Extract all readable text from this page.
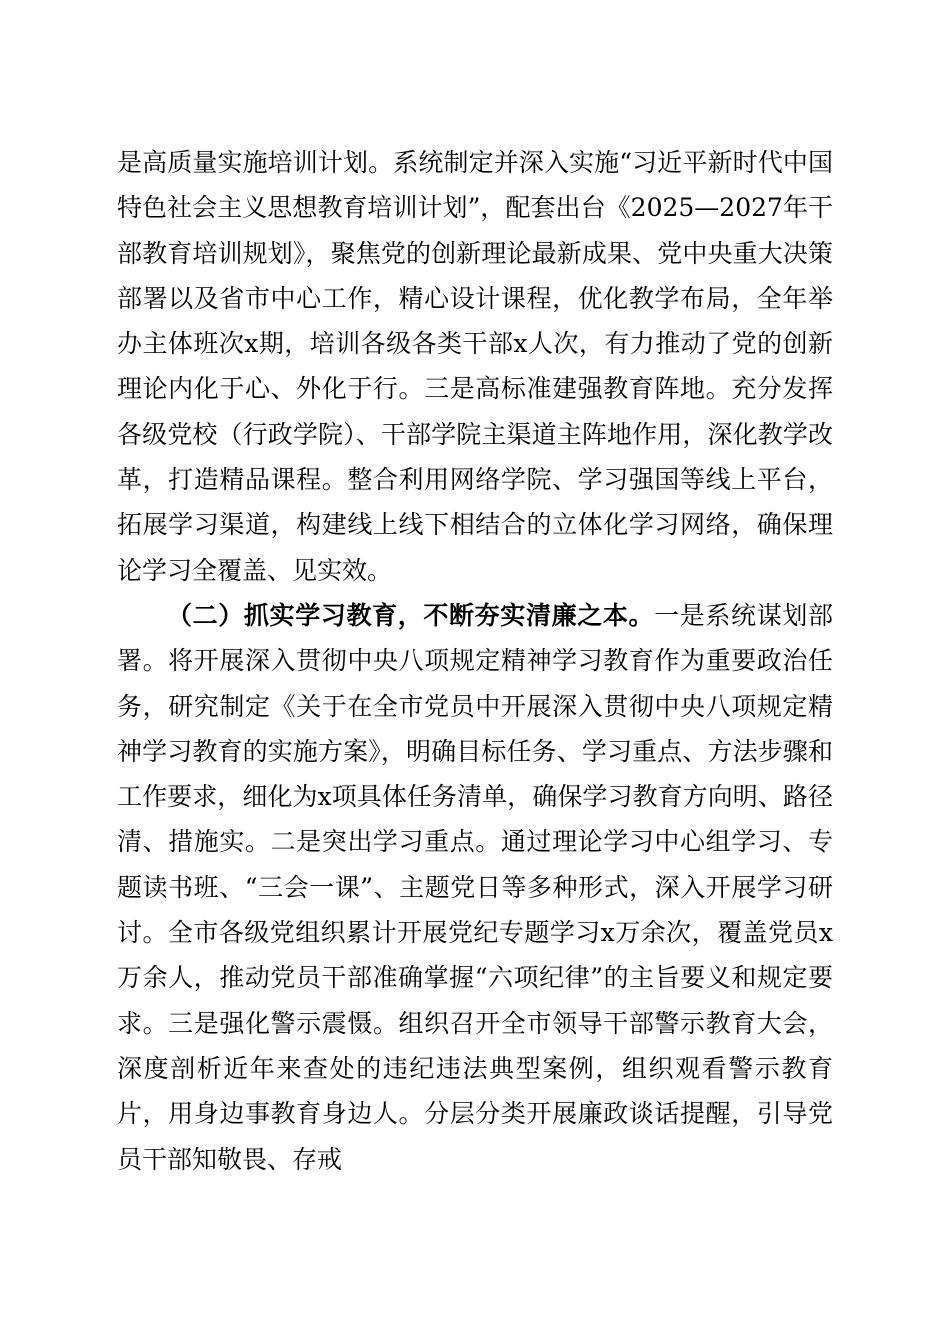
是高质量实施培训计划。系统制定并深入实施“习近平新时代中国特色社会主义思想教育培训计划”，配套出台《2025—2027年干部教育培训规划》，聚焦党的创新理论最新成果、党中央重大决策部署以及省市中心工作，精心设计课程，优化教学布局，全年举办主体班次x期，培训各级各类干部x人次，有力推动了党的创新理论内化于心、外化于行。三是高标准建强教育阵地。充分发挥各级党校（行政学院）、干部学院主渠道主阵地作用，深化教学改革，打造精品课程。整合利用网络学院、学习强国等线上平台，拓展学习渠道，构建线上线下相结合的立体化学习网络，确保理论学习全覆盖、见实效。

（二）抓实学习教育，不断夯实清廉之本。一是系统谋划部署。将开展深入贯彻中央八项规定精神学习教育作为重要政治任务，研究制定《关于在全市党员中开展深入贯彻中央八项规定精神学习教育的实施方案》，明确目标任务、学习重点、方法步骤和工作要求，细化为x项具体任务清单，确保学习教育方向明、路径清、措施实。二是突出学习重点。通过理论学习中心组学习、专题读书班、“三会一课”、主题党日等多种形式，深入开展学习研讨。全市各级党组织累计开展党纪专题学习x万余次，覆盖党员x万余人，推动党员干部准确掌握“六项纪律”的主旨要义和规定要求。三是强化警示震慑。组织召开全市领导干部警示教育大会，深度剖析近年来查处的违纪违法典型案例，组织观看警示教育片，用身边事教育身边人。分层分类开展廉政谈话提醒，引导党员干部知敬畏、存戒
